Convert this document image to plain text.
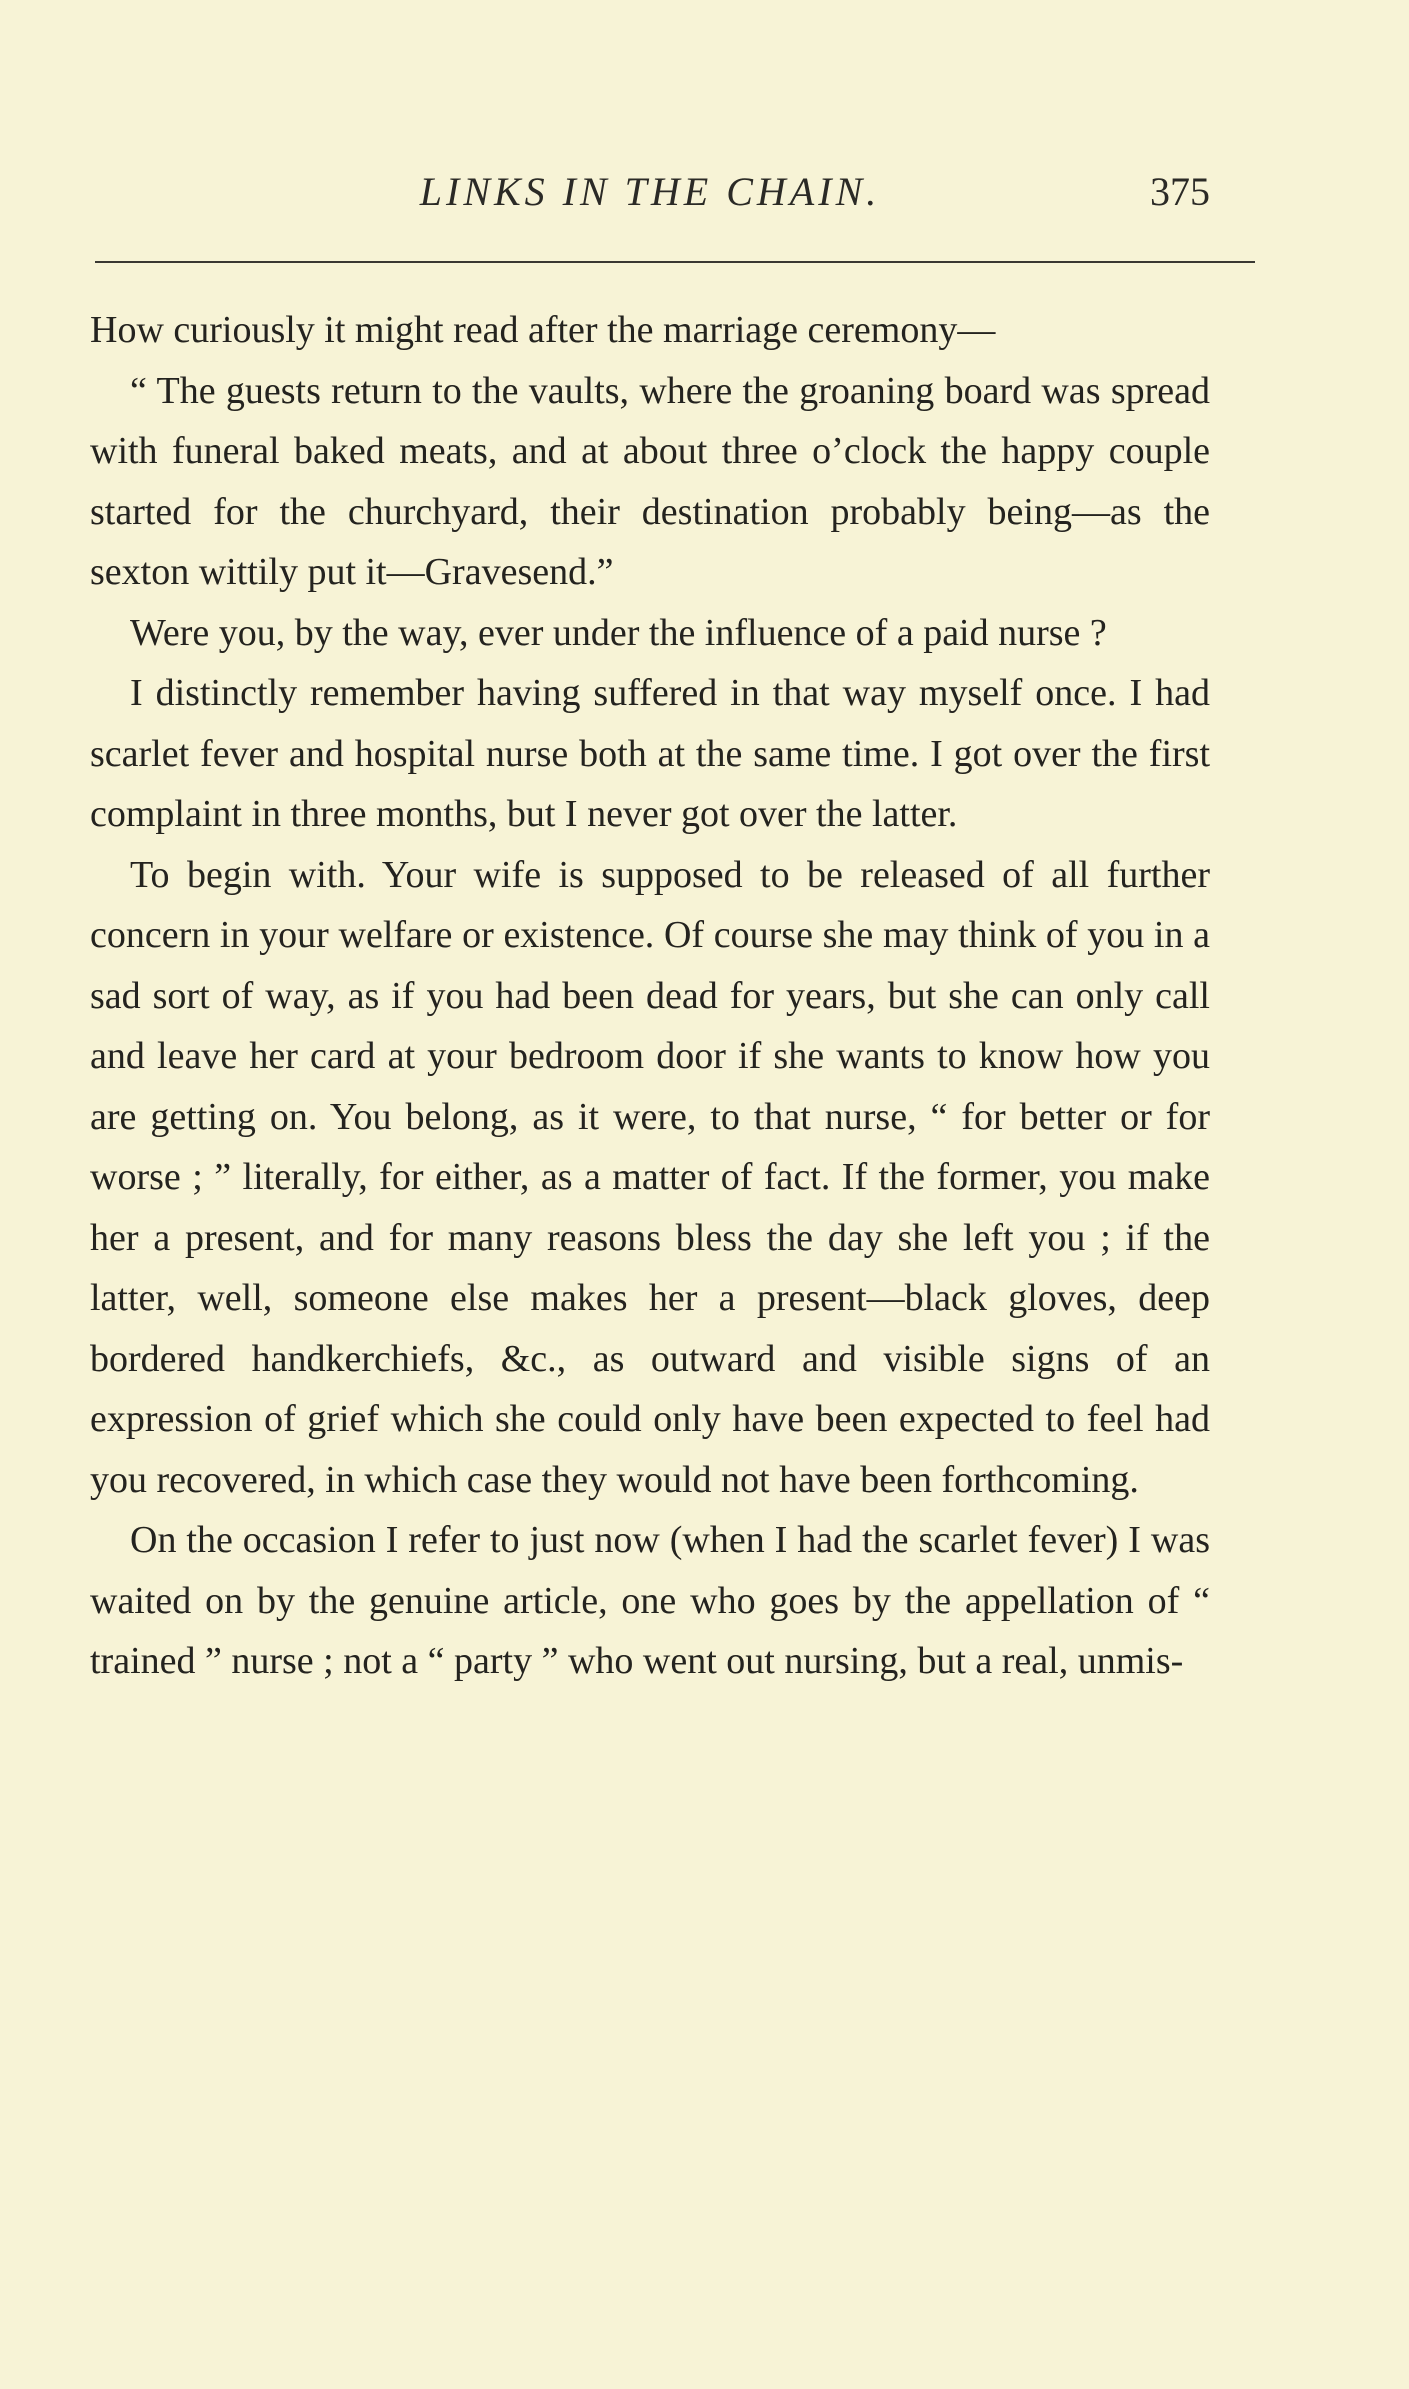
LINKS IN THE CHAIN.	375

How curiously it might read after the marriage ceremony—

“ The guests return to the vaults, where the groaning board was spread with funeral baked meats, and at about three o’clock the happy couple started for the churchyard, their destination probably being—as the sexton wittily put it—Gravesend.”

Were you, by the way, ever under the influence of a paid nurse ?

I distinctly remember having suffered in that way myself once. I had scarlet fever and hospital nurse both at the same time. I got over the first complaint in three months, but I never got over the latter.

To begin with. Your wife is supposed to be released of all further concern in your welfare or existence. Of course she may think of you in a sad sort of way, as if you had been dead for years, but she can only call and leave her card at your bedroom door if she wants to know how you are getting on. You belong, as it were, to that nurse, “ for better or for worse ; ” literally, for either, as a matter of fact. If the former, you make her a present, and for many reasons bless the day she left you ; if the latter, well, someone else makes her a present—black gloves, deep bordered handkerchiefs, &c., as outward and visible signs of an expression of grief which she could only have been expected to feel had you recovered, in which case they would not have been forthcoming.

On the occasion I refer to just now (when I had the scarlet fever) I was waited on by the genuine article, one who goes by the appellation of “ trained ” nurse ; not a “ party ” who went out nursing, but a real, unmis-
